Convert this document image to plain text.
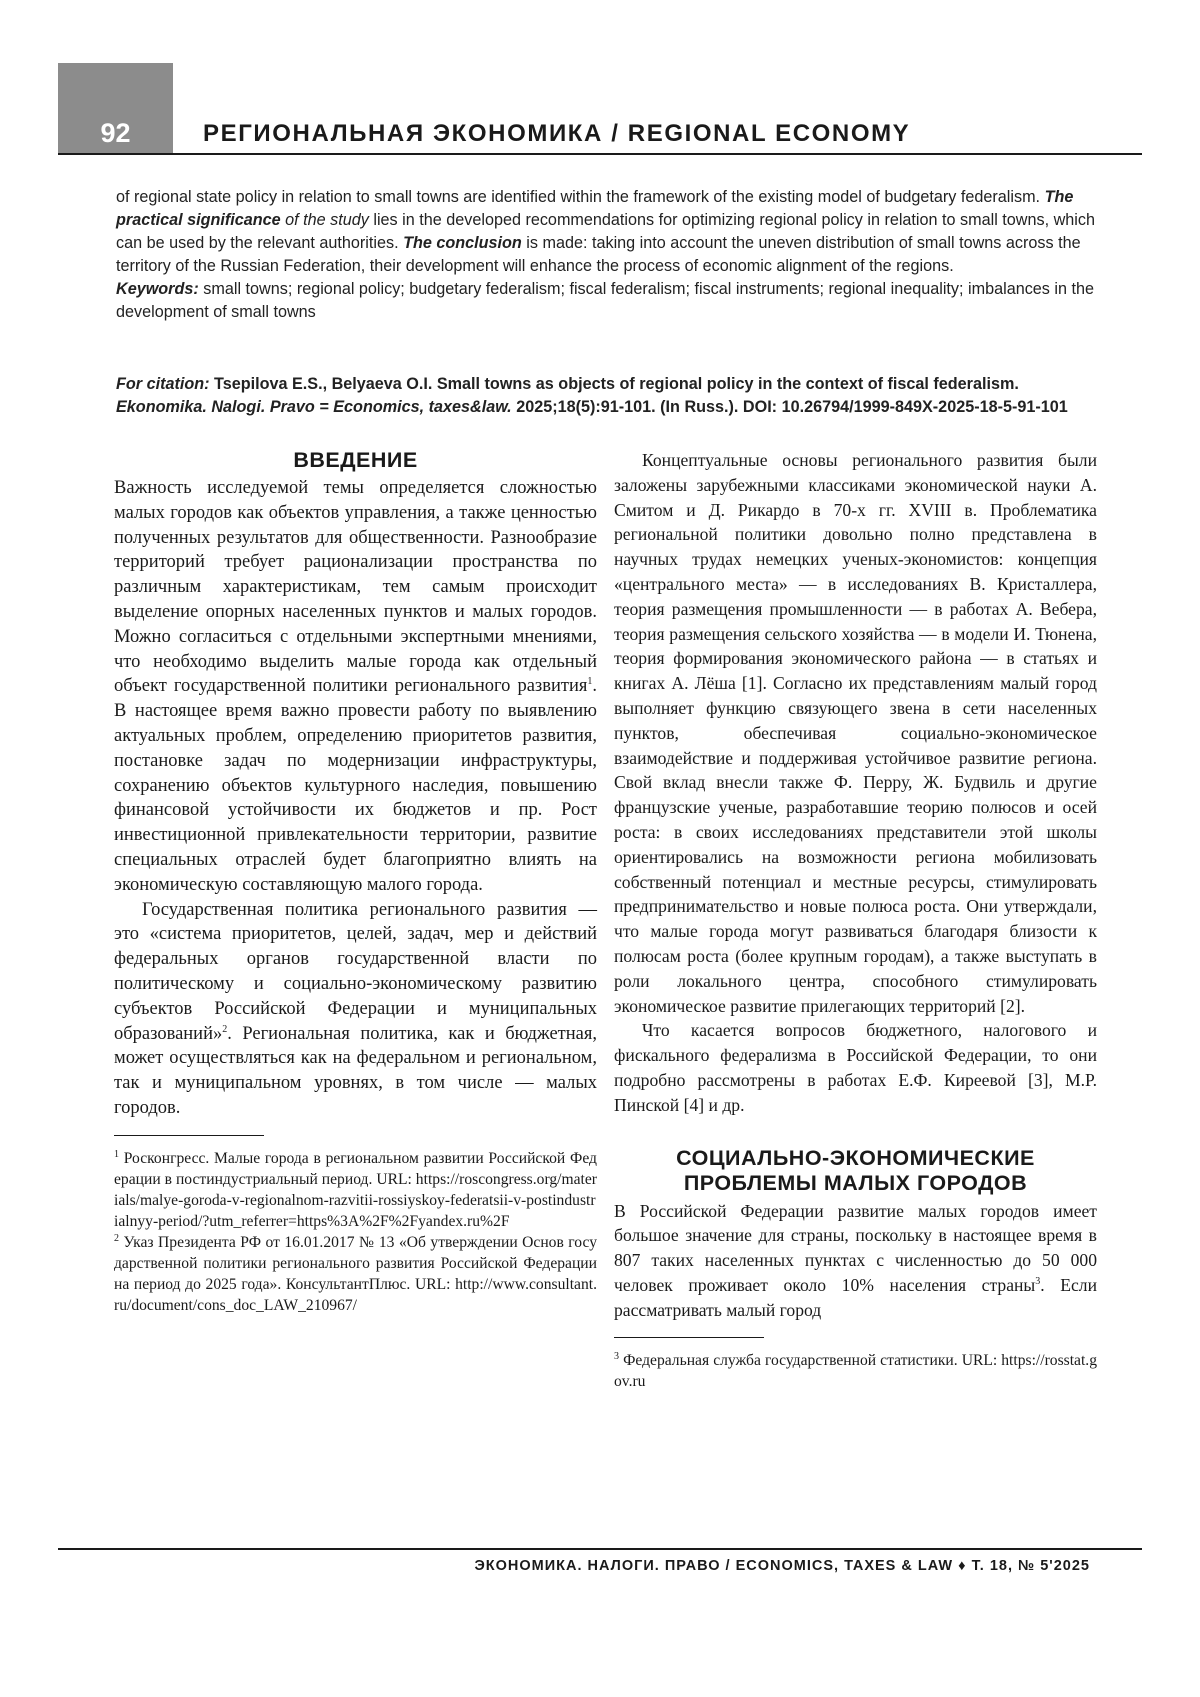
92	РЕГИОНАЛЬНАЯ ЭКОНОМИКА / REGIONAL ECONOMY

of regional state policy in relation to small towns are identified within the framework of the existing model of budgetary federalism. The practical significance of the study lies in the developed recommendations for optimizing regional policy in relation to small towns, which can be used by the relevant authorities. The conclusion is made: taking into account the uneven distribution of small towns across the territory of the Russian Federation, their development will enhance the process of economic alignment of the regions.

Keywords: small towns; regional policy; budgetary federalism; fiscal federalism; fiscal instruments; regional inequality; imbalances in the development of small towns

For citation: Tsepilova E.S., Belyaeva O.I. Small towns as objects of regional policy in the context of fiscal federalism. Ekonomika. Nalogi. Pravo = Economics, taxes&law. 2025;18(5):91-101. (In Russ.). DOI: 10.26794/1999-849X-2025-18-5-91-101
ВВЕДЕНИЕ

Важность исследуемой темы определяется сложностью малых городов как объектов управления, а также ценностью полученных результатов для общественности. Разнообразие территорий требует рационализации пространства по различным характеристикам, тем самым происходит выделение опорных населенных пунктов и малых городов. Можно согласиться с отдельными экспертными мнениями, что необходимо выделить малые города как отдельный объект государственной политики регионального развития$^1$. В настоящее время важно провести работу по выявлению актуальных проблем, определению приоритетов развития, постановке задач по модернизации инфраструктуры, сохранению объектов культурного наследия, повышению финансовой устойчивости их бюджетов и пр. Рост инвестиционной привлекательности территории, развитие специальных отраслей будет благоприятно влиять на экономическую составляющую малого города.

Государственная политика регионального развития — это «система приоритетов, целей, задач, мер и действий федеральных органов государственной власти по политическому и социально-экономическому развитию субъектов Российской Федерации и муниципальных образований»$^2$. Региональная политика, как и бюджетная, может осуществляться как на федеральном и региональном, так и муниципальном уровнях, в том числе — малых городов.

$^1$ Росконгресс. Малые города в региональном развитии Российской Федерации в постиндустриальный период. URL: https://roscongress.org/materials/malye-goroda-v-regionalnom-razvitii-rossiyskoy-federatsii-v-postindustrialnyy-period/?utm_referrer=https%3A%2F%2Fyandex.ru%2F

$^2$ Указ Президента РФ от 16.01.2017 № 13 «Об утверждении Основ государственной политики регионального развития Российской Федерации на период до 2025 года». КонсультантПлюс. URL: http://www.consultant.ru/document/cons_doc_LAW_210967/

Концептуальные основы регионального развития были заложены зарубежными классиками экономической науки А. Смитом и Д. Рикардо в 70-х гг. XVIII в. Проблематика региональной политики довольно полно представлена в научных трудах немецких ученых-экономистов: концепция «центрального места» — в исследованиях В. Кристаллера, теория размещения промышленности — в работах А. Вебера, теория размещения сельского хозяйства — в модели И. Тюнена, теория формирования экономического района — в статьях и книгах А. Лёша [1]. Согласно их представлениям малый город выполняет функцию связующего звена в сети населенных пунктов, обеспечивая социально-экономическое взаимодействие и поддерживая устойчивое развитие региона. Свой вклад внесли также Ф. Перру, Ж. Будвиль и другие французские ученые, разработавшие теорию полюсов и осей роста: в своих исследованиях представители этой школы ориентировались на возможности региона мобилизовать собственный потенциал и местные ресурсы, стимулировать предпринимательство и новые полюса роста. Они утверждали, что малые города могут развиваться благодаря близости к полюсам роста (более крупным городам), а также выступать в роли локального центра, способного стимулировать экономическое развитие прилегающих территорий [2].

Что касается вопросов бюджетного, налогового и фискального федерализма в Российской Федерации, то они подробно рассмотрены в работах Е.Ф. Киреевой [3], М.Р. Пинской [4] и др.

СОЦИАЛЬНО-ЭКОНОМИЧЕСКИЕ
ПРОБЛЕМЫ МАЛЫХ ГОРОДОВ

В Российской Федерации развитие малых городов имеет большое значение для страны, поскольку в настоящее время в 807 таких населенных пунктах с численностью до 50 000 человек проживает около 10% населения страны$^3$. Если рассматривать малый город

$^3$ Федеральная служба государственной статистики. URL: https://rosstat.gov.ru

ЭКОНОМИКА. НАЛОГИ. ПРАВО / ECONOMICS, TAXES & LAW ♦ Т. 18, № 5'2025
